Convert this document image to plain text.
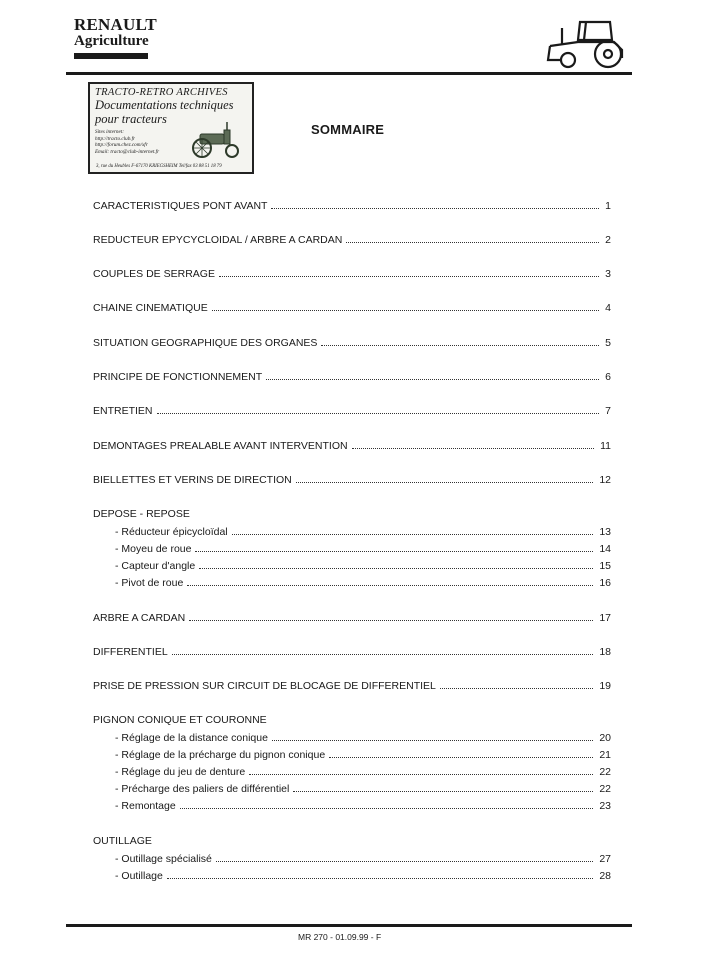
RENAULT
Agriculture
TRACTO-RETRO ARCHIVES
Documentations techniques
pour tracteurs
Sites internet:
http://tracto.club.fr
http://forum.chez.com/xfr
Email: tracto@club-internet.fr
3, rue du Heubles F-67170 KRIEGSHEIM Tel/fax 03 88 51 18 79
SOMMAIRE
CARACTERISTIQUES PONT AVANT	1
REDUCTEUR EPYCYCLOIDAL / ARBRE A CARDAN	2
COUPLES DE SERRAGE	3
CHAINE CINEMATIQUE	4
SITUATION GEOGRAPHIQUE DES ORGANES	5
PRINCIPE DE FONCTIONNEMENT	6
ENTRETIEN	7
DEMONTAGES PREALABLE AVANT INTERVENTION	11
BIELLETTES ET VERINS DE DIRECTION	12
DEPOSE - REPOSE
- Réducteur épicycloïdal	13
- Moyeu de roue	14
- Capteur d'angle	15
- Pivot de roue	16
ARBRE A CARDAN	17
DIFFERENTIEL	18
PRISE DE PRESSION SUR CIRCUIT DE BLOCAGE DE DIFFERENTIEL	19
PIGNON CONIQUE ET COURONNE
- Réglage de la distance conique	20
- Réglage de la précharge du pignon conique	21
- Réglage du jeu de denture	22
- Précharge des paliers de différentiel	22
- Remontage	23
OUTILLAGE
- Outillage spécialisé	27
- Outillage	28
MR 270 - 01.09.99 - F
